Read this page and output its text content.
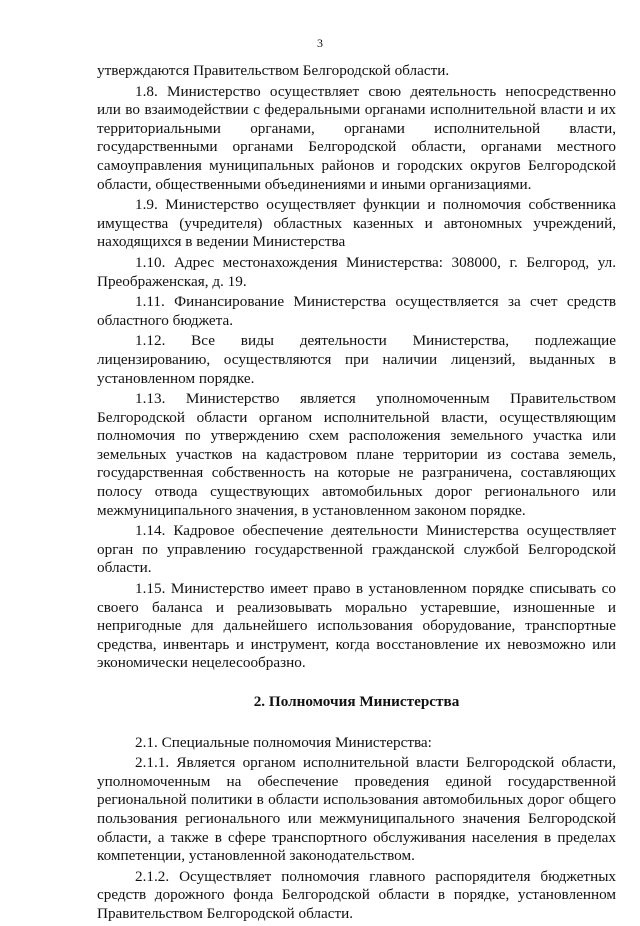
3

утверждаются Правительством Белгородской области.

1.8. Министерство осуществляет свою деятельность непосредственно или во взаимодействии с федеральными органами исполнительной власти и их территориальными органами, органами исполнительной власти, государственными органами Белгородской области, органами местного самоуправления муниципальных районов и городских округов Белгородской области, общественными объединениями и иными организациями.

1.9. Министерство осуществляет функции и полномочия собственника имущества (учредителя) областных казенных и автономных учреждений, находящихся в ведении Министерства

1.10. Адрес местонахождения Министерства: 308000, г. Белгород, ул. Преображенская, д. 19.

1.11. Финансирование Министерства осуществляется за счет средств областного бюджета.

1.12. Все виды деятельности Министерства, подлежащие лицензированию, осуществляются при наличии лицензий, выданных в установленном порядке.

1.13. Министерство является уполномоченным Правительством Белгородской области органом исполнительной власти, осуществляющим полномочия по утверждению схем расположения земельного участка или земельных участков на кадастровом плане территории из состава земель, государственная собственность на которые не разграничена, составляющих полосу отвода существующих автомобильных дорог регионального или межмуниципального значения, в установленном законом порядке.

1.14. Кадровое обеспечение деятельности Министерства осуществляет орган по управлению государственной гражданской службой Белгородской области.

1.15. Министерство имеет право в установленном порядке списывать со своего баланса и реализовывать морально устаревшие, изношенные и непригодные для дальнейшего использования оборудование, транспортные средства, инвентарь и инструмент, когда восстановление их невозможно или экономически нецелесообразно.

2. Полномочия Министерства

2.1. Специальные полномочия Министерства:

2.1.1. Является органом исполнительной власти Белгородской области, уполномоченным на обеспечение проведения единой государственной региональной политики в области использования автомобильных дорог общего пользования регионального или межмуниципального значения Белгородской области, а также в сфере транспортного обслуживания населения в пределах компетенции, установленной законодательством.

2.1.2. Осуществляет полномочия главного распорядителя бюджетных средств дорожного фонда Белгородской области в порядке, установленном Правительством Белгородской области.
